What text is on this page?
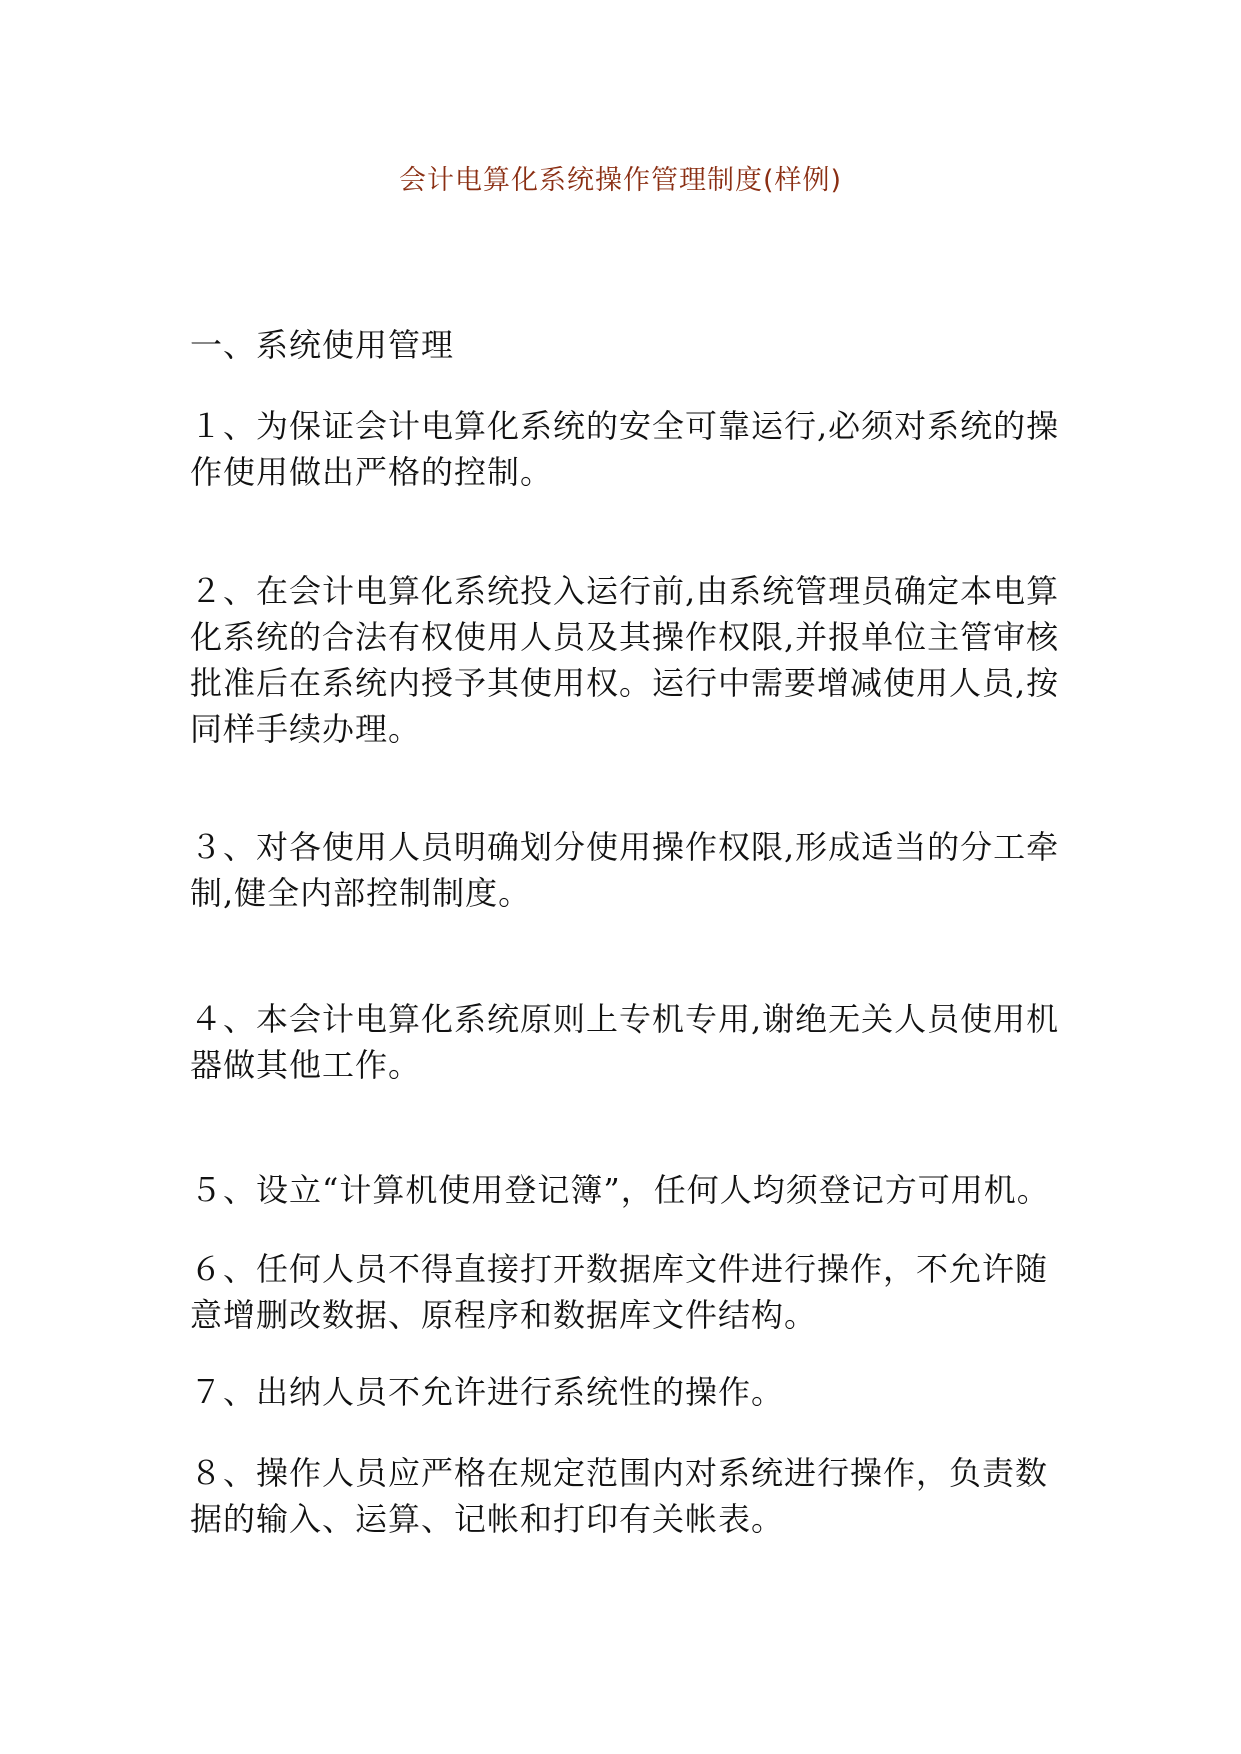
会计电算化系统操作管理制度(样例)

一、系统使用管理

１、为保证会计电算化系统的安全可靠运行,必须对系统的操作使用做出严格的控制。

２、在会计电算化系统投入运行前,由系统管理员确定本电算化系统的合法有权使用人员及其操作权限,并报单位主管审核批准后在系统内授予其使用权。运行中需要增减使用人员,按同样手续办理。

３、对各使用人员明确划分使用操作权限,形成适当的分工牵制,健全内部控制制度。

４、本会计电算化系统原则上专机专用,谢绝无关人员使用机器做其他工作。

５、设立“计算机使用登记簿”，任何人均须登记方可用机。

６、任何人员不得直接打开数据库文件进行操作，不允许随意增删改数据、原程序和数据库文件结构。

７、出纳人员不允许进行系统性的操作。

８、操作人员应严格在规定范围内对系统进行操作，负责数据的输入、运算、记帐和打印有关帐表。
